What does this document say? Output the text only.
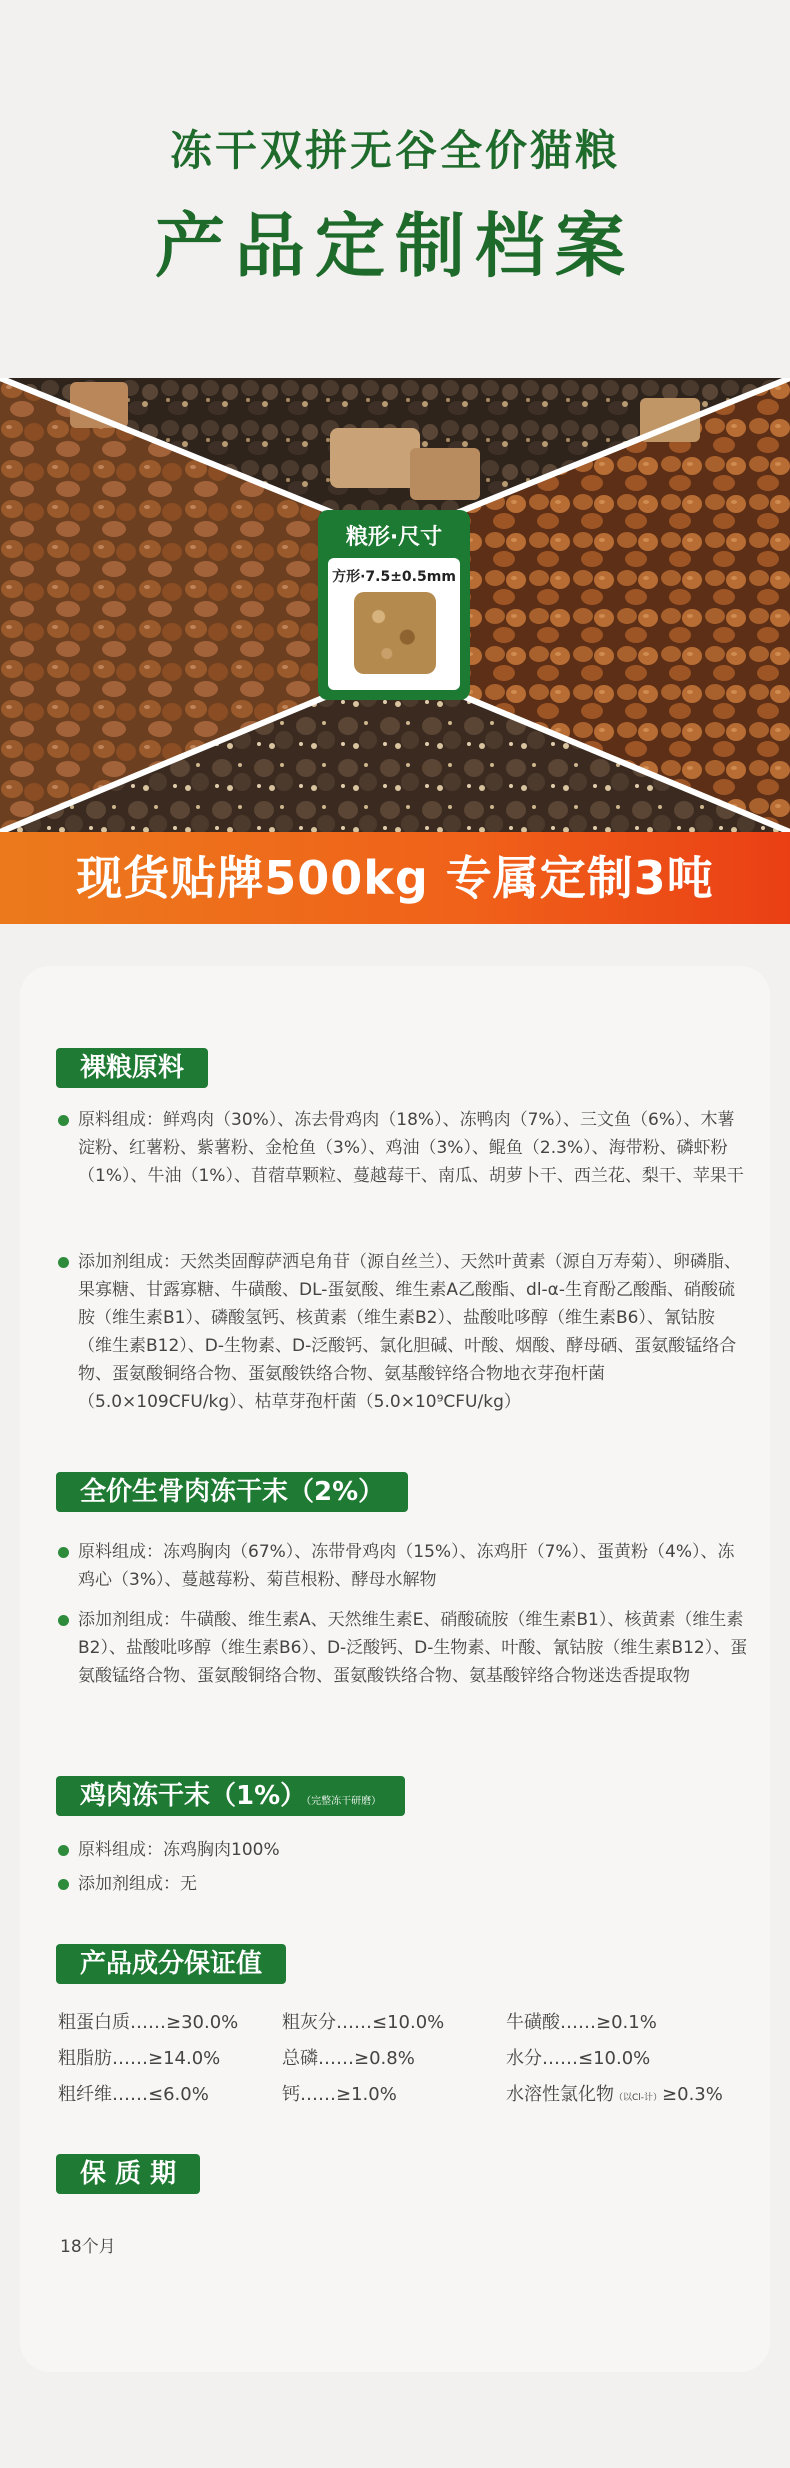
冻干双拼无谷全价猫粮
产品定制档案
粮形·尺寸
方形·7.5±0.5mm
现货贴牌500kg 专属定制3吨
裸粮原料
原料组成：鲜鸡肉（30%）、冻去骨鸡肉（18%）、冻鸭肉（7%）、三文鱼（6%）、木薯淀粉、红薯粉、紫薯粉、金枪鱼（3%）、鸡油（3%）、鲲鱼（2.3%）、海带粉、磷虾粉（1%）、牛油（1%）、苜蓿草颗粒、蔓越莓干、南瓜、胡萝卜干、西兰花、梨干、苹果干
添加剂组成：天然类固醇萨洒皂角苷（源自丝兰）、天然叶黄素（源自万寿菊）、卵磷脂、果寡糖、甘露寡糖、牛磺酸、DL-蛋氨酸、维生素A乙酸酯、dl-α-生育酚乙酸酯、硝酸硫胺（维生素B1）、磷酸氢钙、核黄素（维生素B2）、盐酸吡哆醇（维生素B6）、氰钴胺（维生素B12）、D-生物素、D-泛酸钙、氯化胆碱、叶酸、烟酸、酵母硒、蛋氨酸锰络合物、蛋氨酸铜络合物、蛋氨酸铁络合物、氨基酸锌络合物地衣芽孢杆菌（5.0×109CFU/kg）、枯草芽孢杆菌（5.0×10⁹CFU/kg）
全价生骨肉冻干末（2%）
原料组成：冻鸡胸肉（67%）、冻带骨鸡肉（15%）、冻鸡肝（7%）、蛋黄粉（4%）、冻鸡心（3%）、蔓越莓粉、菊苣根粉、酵母水解物
添加剂组成：牛磺酸、维生素A、天然维生素E、硝酸硫胺（维生素B1）、核黄素（维生素B2）、盐酸吡哆醇（维生素B6）、D-泛酸钙、D-生物素、叶酸、氰钴胺（维生素B12）、蛋氨酸锰络合物、蛋氨酸铜络合物、蛋氨酸铁络合物、氨基酸锌络合物迷迭香提取物
鸡肉冻干末（1%）（完整冻干研磨）
原料组成：冻鸡胸肉100%
添加剂组成：无
产品成分保证值
粗蛋白质……≥30.0% 粗灰分……≤10.0%	牛磺酸……≥0.1%
粗脂肪……≥14.0%	总磷……≥0.8%	水分……≤10.0%
粗纤维……≤6.0%	钙……≥1.0%	水溶性氯化物（以Cl-计）≥0.3%
保 质 期
18个月
